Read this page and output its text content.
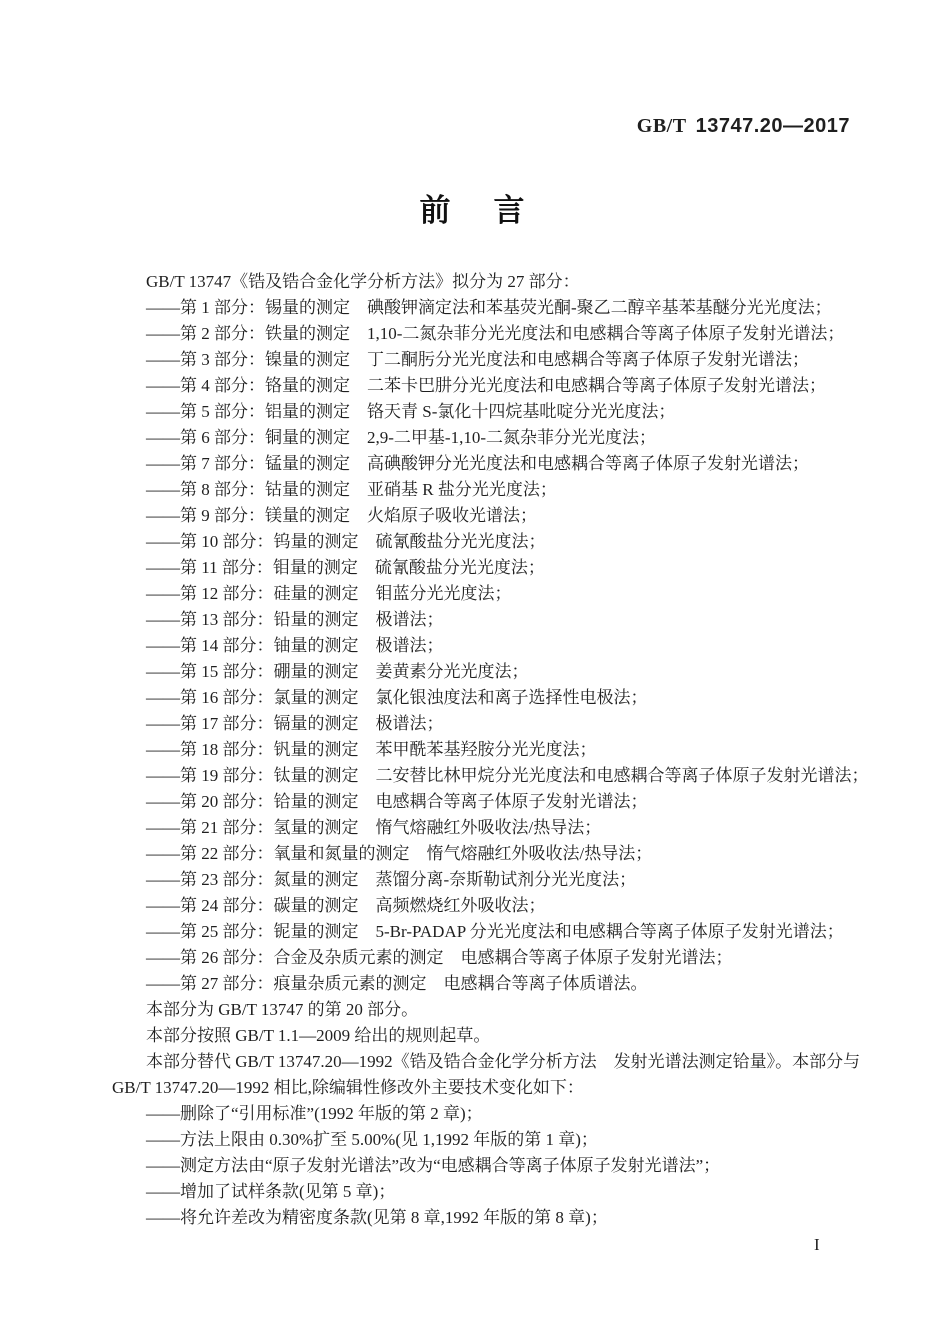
GB/T 13747.20—2017
前　言

GB/T 13747《锆及锆合金化学分析方法》拟分为 27 部分：

——第 1 部分：锡量的测定　碘酸钾滴定法和苯基荧光酮-聚乙二醇辛基苯基醚分光光度法；

——第 2 部分：铁量的测定　1,10-二氮杂菲分光光度法和电感耦合等离子体原子发射光谱法；

——第 3 部分：镍量的测定　丁二酮肟分光光度法和电感耦合等离子体原子发射光谱法；

——第 4 部分：铬量的测定　二苯卡巴肼分光光度法和电感耦合等离子体原子发射光谱法；

——第 5 部分：铝量的测定　铬天青 S-氯化十四烷基吡啶分光光度法；

——第 6 部分：铜量的测定　2,9-二甲基-1,10-二氮杂菲分光光度法；

——第 7 部分：锰量的测定　高碘酸钾分光光度法和电感耦合等离子体原子发射光谱法；

——第 8 部分：钴量的测定　亚硝基 R 盐分光光度法；

——第 9 部分：镁量的测定　火焰原子吸收光谱法；

——第 10 部分：钨量的测定　硫氰酸盐分光光度法；

——第 11 部分：钼量的测定　硫氰酸盐分光光度法；

——第 12 部分：硅量的测定　钼蓝分光光度法；

——第 13 部分：铅量的测定　极谱法；

——第 14 部分：铀量的测定　极谱法；

——第 15 部分：硼量的测定　姜黄素分光光度法；

——第 16 部分：氯量的测定　氯化银浊度法和离子选择性电极法；

——第 17 部分：镉量的测定　极谱法；

——第 18 部分：钒量的测定　苯甲酰苯基羟胺分光光度法；

——第 19 部分：钛量的测定　二安替比林甲烷分光光度法和电感耦合等离子体原子发射光谱法；

——第 20 部分：铪量的测定　电感耦合等离子体原子发射光谱法；

——第 21 部分：氢量的测定　惰气熔融红外吸收法/热导法；

——第 22 部分：氧量和氮量的测定　惰气熔融红外吸收法/热导法；

——第 23 部分：氮量的测定　蒸馏分离-奈斯勒试剂分光光度法；

——第 24 部分：碳量的测定　高频燃烧红外吸收法；

——第 25 部分：铌量的测定　5-Br-PADAP 分光光度法和电感耦合等离子体原子发射光谱法；

——第 26 部分：合金及杂质元素的测定　电感耦合等离子体原子发射光谱法；

——第 27 部分：痕量杂质元素的测定　电感耦合等离子体质谱法。

本部分为 GB/T 13747 的第 20 部分。

本部分按照 GB/T 1.1—2009 给出的规则起草。

本部分替代 GB/T 13747.20—1992《锆及锆合金化学分析方法　发射光谱法测定铪量》。本部分与

GB/T 13747.20—1992 相比,除编辑性修改外主要技术变化如下：

——删除了“引用标准”(1992 年版的第 2 章)；

——方法上限由 0.30%扩至 5.00%(见 1,1992 年版的第 1 章)；

——测定方法由“原子发射光谱法”改为“电感耦合等离子体原子发射光谱法”；

——增加了试样条款(见第 5 章)；

——将允许差改为精密度条款(见第 8 章,1992 年版的第 8 章)；

I
